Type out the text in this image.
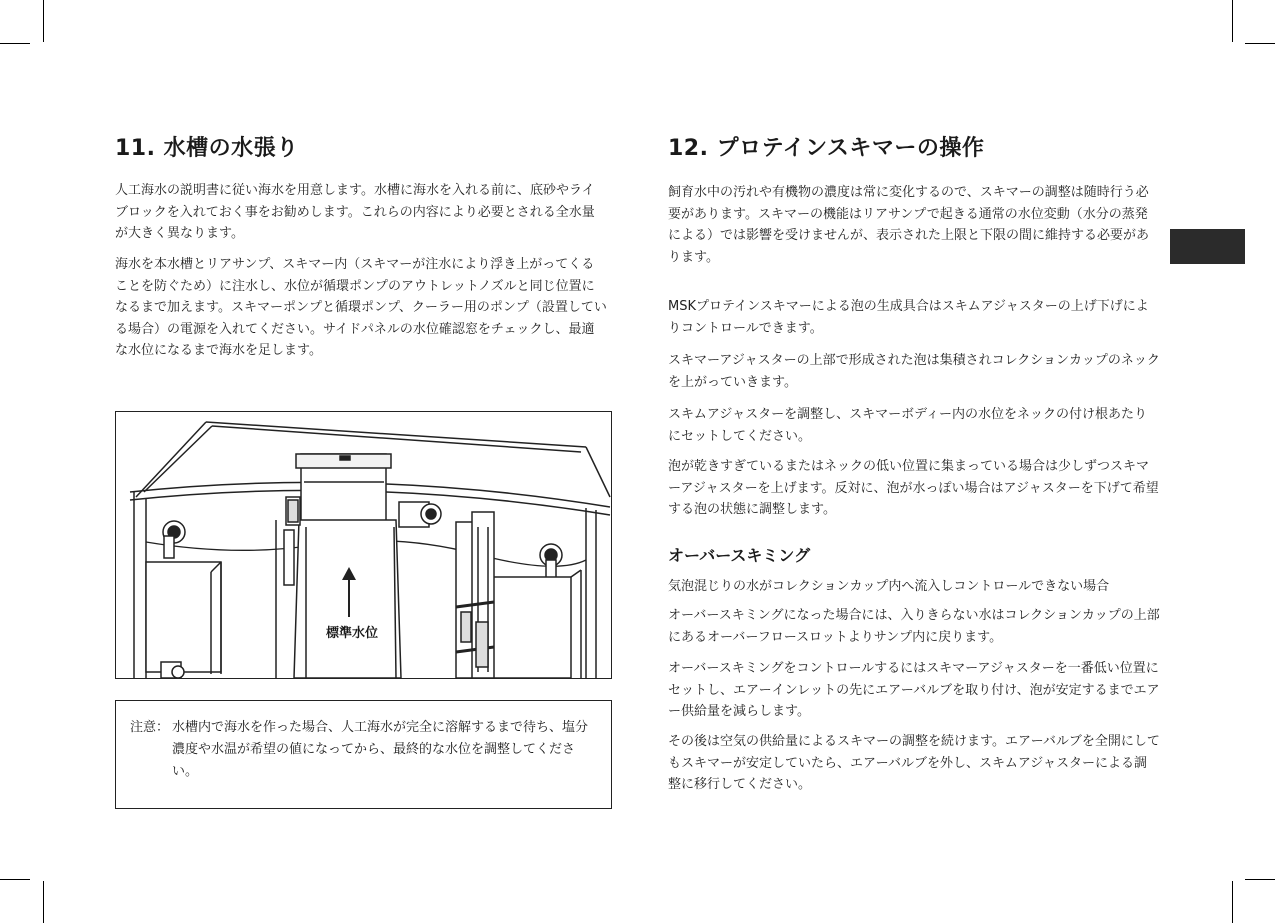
11. 水槽の水張り

人工海水の説明書に従い海水を用意します。水槽に海水を入れる前に、底砂やライブロックを入れておく事をお勧めします。これらの内容により必要とされる全水量が大きく異なります。

海水を本水槽とリアサンプ、スキマー内（スキマーが注水により浮き上がってくることを防ぐため）に注水し、水位が循環ポンプのアウトレットノズルと同じ位置になるまで加えます。スキマーポンプと循環ポンプ、クーラー用のポンプ（設置している場合）の電源を入れてください。サイドパネルの水位確認窓をチェックし、最適な水位になるまで海水を足します。

標準水位
注意： 水槽内で海水を作った場合、人工海水が完全に溶解するまで待ち、塩分濃度や水温が希望の値になってから、最終的な水位を調整してください。

12. プロテインスキマーの操作

飼育水中の汚れや有機物の濃度は常に変化するので、スキマーの調整は随時行う必要があります。スキマーの機能はリアサンプで起きる通常の水位変動（水分の蒸発による）では影響を受けませんが、表示された上限と下限の間に維持する必要があります。

MSKプロテインスキマーによる泡の生成具合はスキムアジャスターの上げ下げによりコントロールできます。

スキマーアジャスターの上部で形成された泡は集積されコレクションカップのネックを上がっていきます。

スキムアジャスターを調整し、スキマーボディー内の水位をネックの付け根あたりにセットしてください。

泡が乾きすぎているまたはネックの低い位置に集まっている場合は少しずつスキマーアジャスターを上げます。反対に、泡が水っぽい場合はアジャスターを下げて希望する泡の状態に調整します。

オーバースキミング

気泡混じりの水がコレクションカップ内へ流入しコントロールできない場合

オーバースキミングになった場合には、入りきらない水はコレクションカップの上部にあるオーバーフロースロットよりサンプ内に戻ります。

オーバースキミングをコントロールするにはスキマーアジャスターを一番低い位置にセットし、エアーインレットの先にエアーバルブを取り付け、泡が安定するまでエアー供給量を減らします。

その後は空気の供給量によるスキマーの調整を続けます。エアーバルブを全開にしてもスキマーが安定していたら、エアーバルブを外し、スキムアジャスターによる調整に移行してください。
